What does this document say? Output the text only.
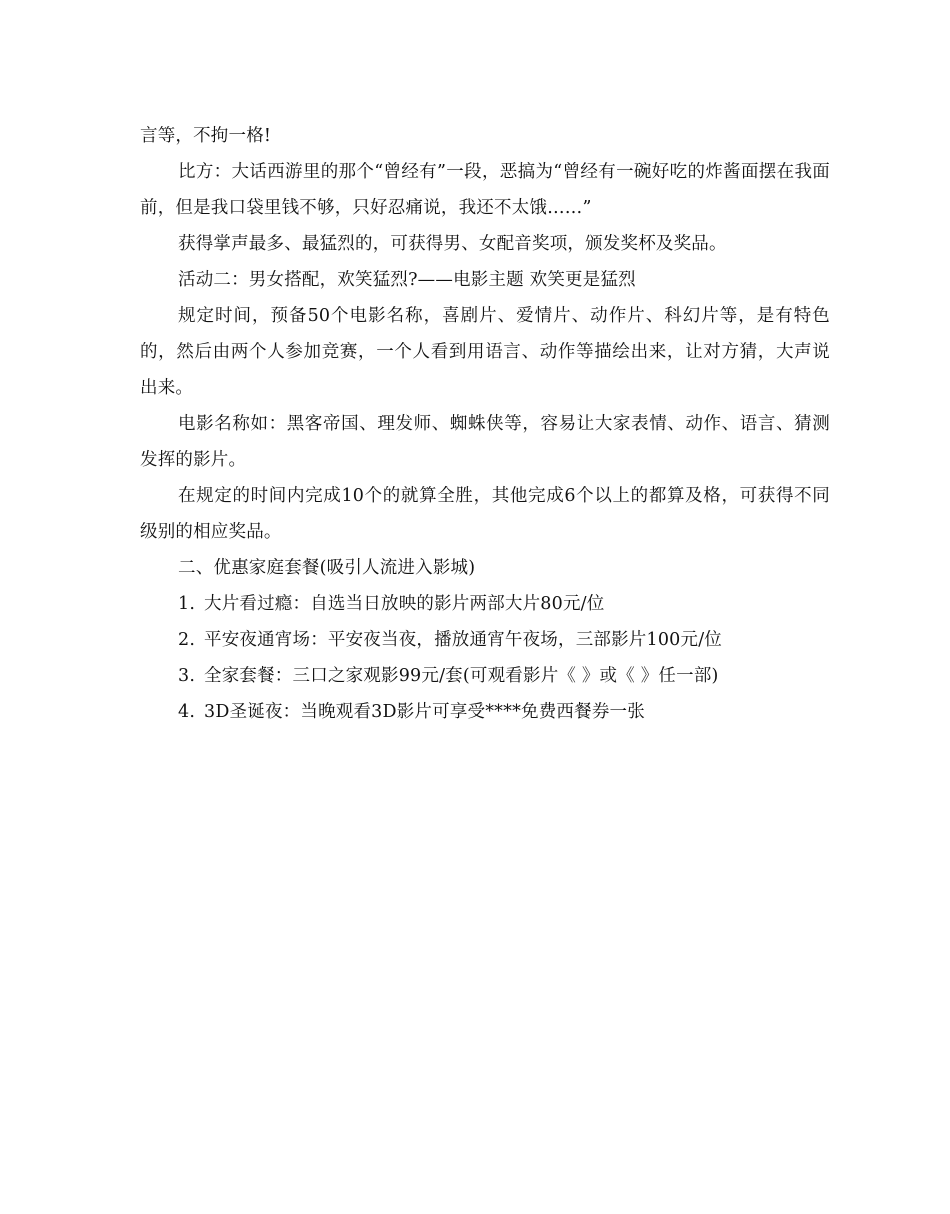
言等，不拘一格!

比方：大话西游里的那个“曾经有”一段，恶搞为“曾经有一碗好吃的炸酱面摆在我面前，但是我口袋里钱不够，只好忍痛说，我还不太饿……”

获得掌声最多、最猛烈的，可获得男、女配音奖项，颁发奖杯及奖品。

活动二：男女搭配，欢笑猛烈?——电影主题 欢笑更是猛烈

规定时间，预备50个电影名称，喜剧片、爱情片、动作片、科幻片等，是有特色的，然后由两个人参加竞赛，一个人看到用语言、动作等描绘出来，让对方猜，大声说出来。

电影名称如：黑客帝国、理发师、蜘蛛侠等，容易让大家表情、动作、语言、猜测发挥的影片。

在规定的时间内完成10个的就算全胜，其他完成6个以上的都算及格，可获得不同级别的相应奖品。

二、优惠家庭套餐(吸引人流进入影城)

1. 大片看过瘾：自选当日放映的影片两部大片80元/位

2. 平安夜通宵场：平安夜当夜，播放通宵午夜场，三部影片100元/位

3. 全家套餐：三口之家观影99元/套(可观看影片《 》或《 》任一部)

4. 3D圣诞夜：当晚观看3D影片可享受****免费西餐券一张
